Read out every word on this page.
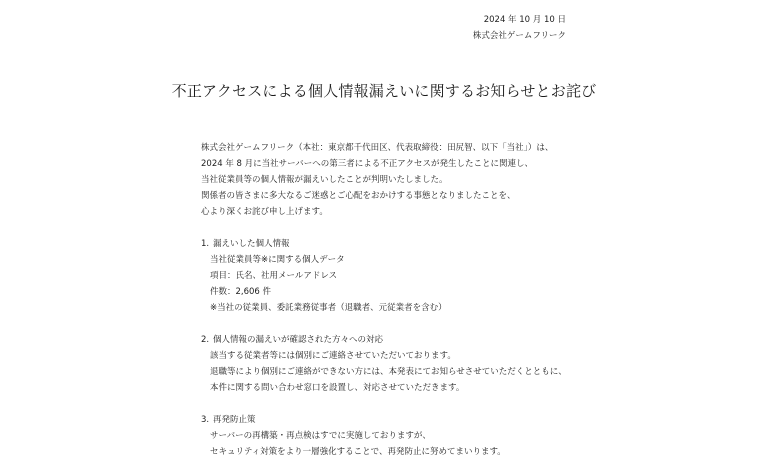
2024 年 10 月 10 日
株式会社ゲームフリーク
不正アクセスによる個人情報漏えいに関するお知らせとお詫び

株式会社ゲームフリーク（本社：東京都千代田区、代表取締役：田尻智、以下「当社」）は、

2024 年 8 月に当社サーバーへの第三者による不正アクセスが発生したことに関連し、

当社従業員等の個人情報が漏えいしたことが判明いたしました。

関係者の皆さまに多大なるご迷惑とご心配をおかけする事態となりましたことを、

心より深くお詫び申し上げます。

1. 漏えいした個人情報

当社従業員等※に関する個人データ

項目：氏名、社用メールアドレス

件数：2,606 件

※当社の従業員、委託業務従事者（退職者、元従業者を含む）

2. 個人情報の漏えいが確認された方々への対応

該当する従業者等には個別にご連絡させていただいております。

退職等により個別にご連絡ができない方には、本発表にてお知らせさせていただくとともに、

本件に関する問い合わせ窓口を設置し、対応させていただきます。

3. 再発防止策

サーバーの再構築・再点検はすでに実施しておりますが、

セキュリティ対策をより一層強化することで、再発防止に努めてまいります。
